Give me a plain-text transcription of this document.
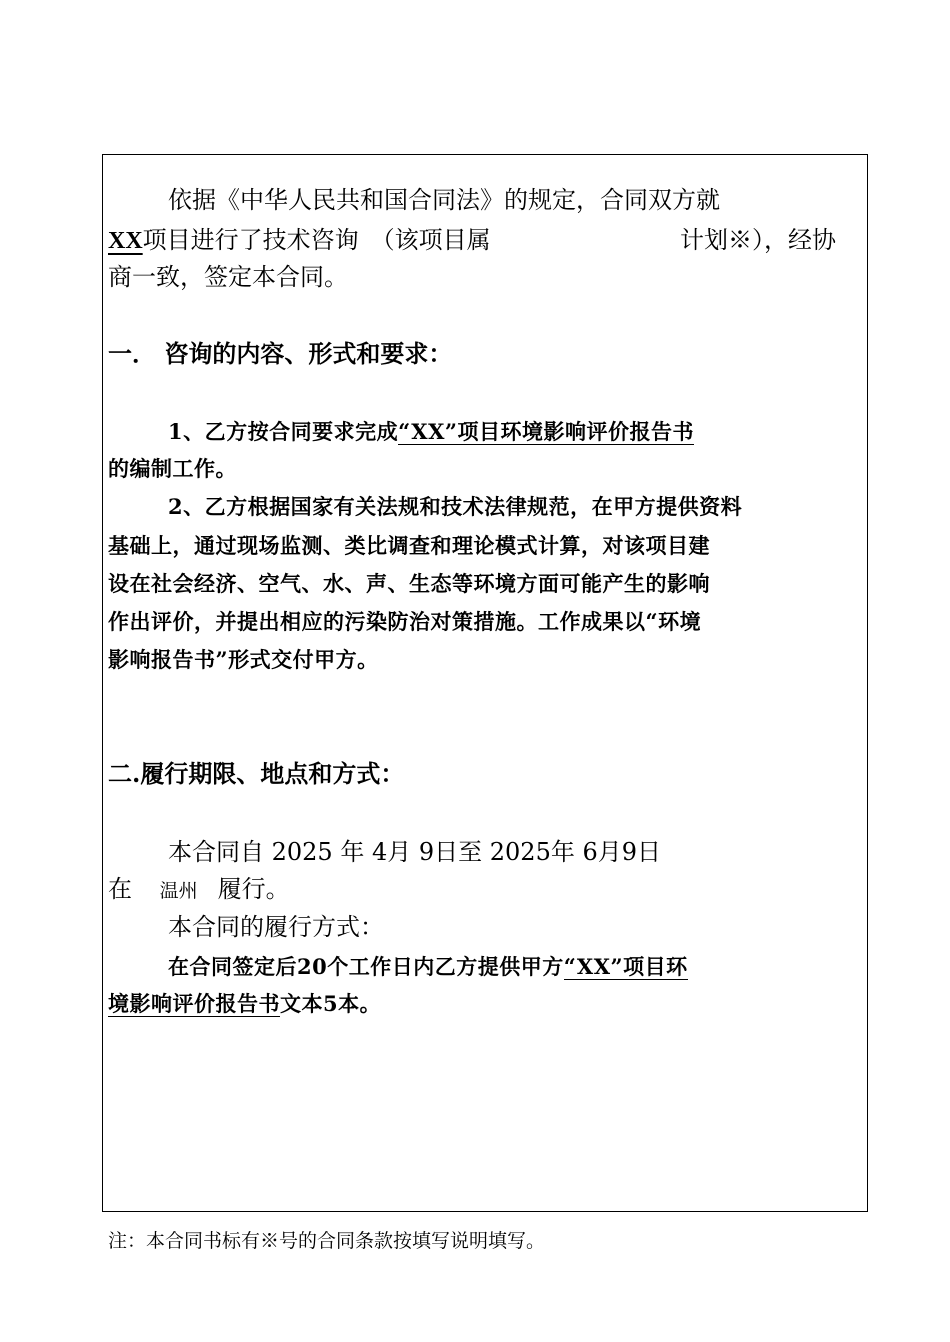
依据《中华人民共和国合同法》的规定，合同双方就
XX项目进行了技术咨询　（该项目属	计划※），经协
商一致，签定本合同。
一． 咨询的内容、形式和要求：
1、乙方按合同要求完成“XX”项目环境影响评价报告书
的编制工作。
2、乙方根据国家有关法规和技术法律规范，在甲方提供资料
基础上，通过现场监测、类比调查和理论模式计算，对该项目建
设在社会经济、空气、水、声、生态等环境方面可能产生的影响
作出评价，并提出相应的污染防治对策措施。工作成果以“环境
影响报告书”形式交付甲方。
二.履行期限、地点和方式：
本合同自 2025 年 4月 9日至 2025年 6月9日
在 温州 履行。
本合同的履行方式：
在合同签定后20个工作日内乙方提供甲方“XX”项目环
境影响评价报告书文本5本。
注：本合同书标有※号的合同条款按填写说明填写。
